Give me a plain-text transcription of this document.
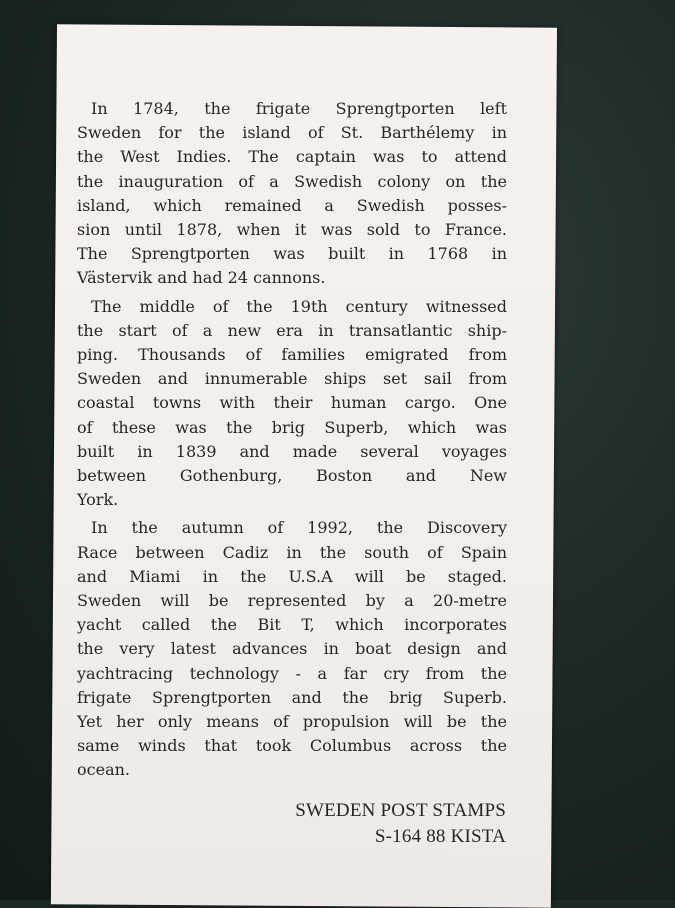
In 1784, the frigate Sprengtporten left
Sweden for the island of St. Barthélemy in
the West Indies. The captain was to attend
the inauguration of a Swedish colony on the
island, which remained a Swedish posses-
sion until 1878, when it was sold to France.
The Sprengtporten was built in 1768 in
Västervik and had 24 cannons.
The middle of the 19th century witnessed
the start of a new era in transatlantic ship-
ping. Thousands of families emigrated from
Sweden and innumerable ships set sail from
coastal towns with their human cargo. One
of these was the brig Superb, which was
built in 1839 and made several voyages
between Gothenburg, Boston and New
York.
In the autumn of 1992, the Discovery
Race between Cadiz in the south of Spain
and Miami in the U.S.A will be staged.
Sweden will be represented by a 20-metre
yacht called the Bit T, which incorporates
the very latest advances in boat design and
yachtracing technology - a far cry from the
frigate Sprengtporten and the brig Superb.
Yet her only means of propulsion will be the
same winds that took Columbus across the
ocean.
SWEDEN POST STAMPS
S-164 88 KISTA
